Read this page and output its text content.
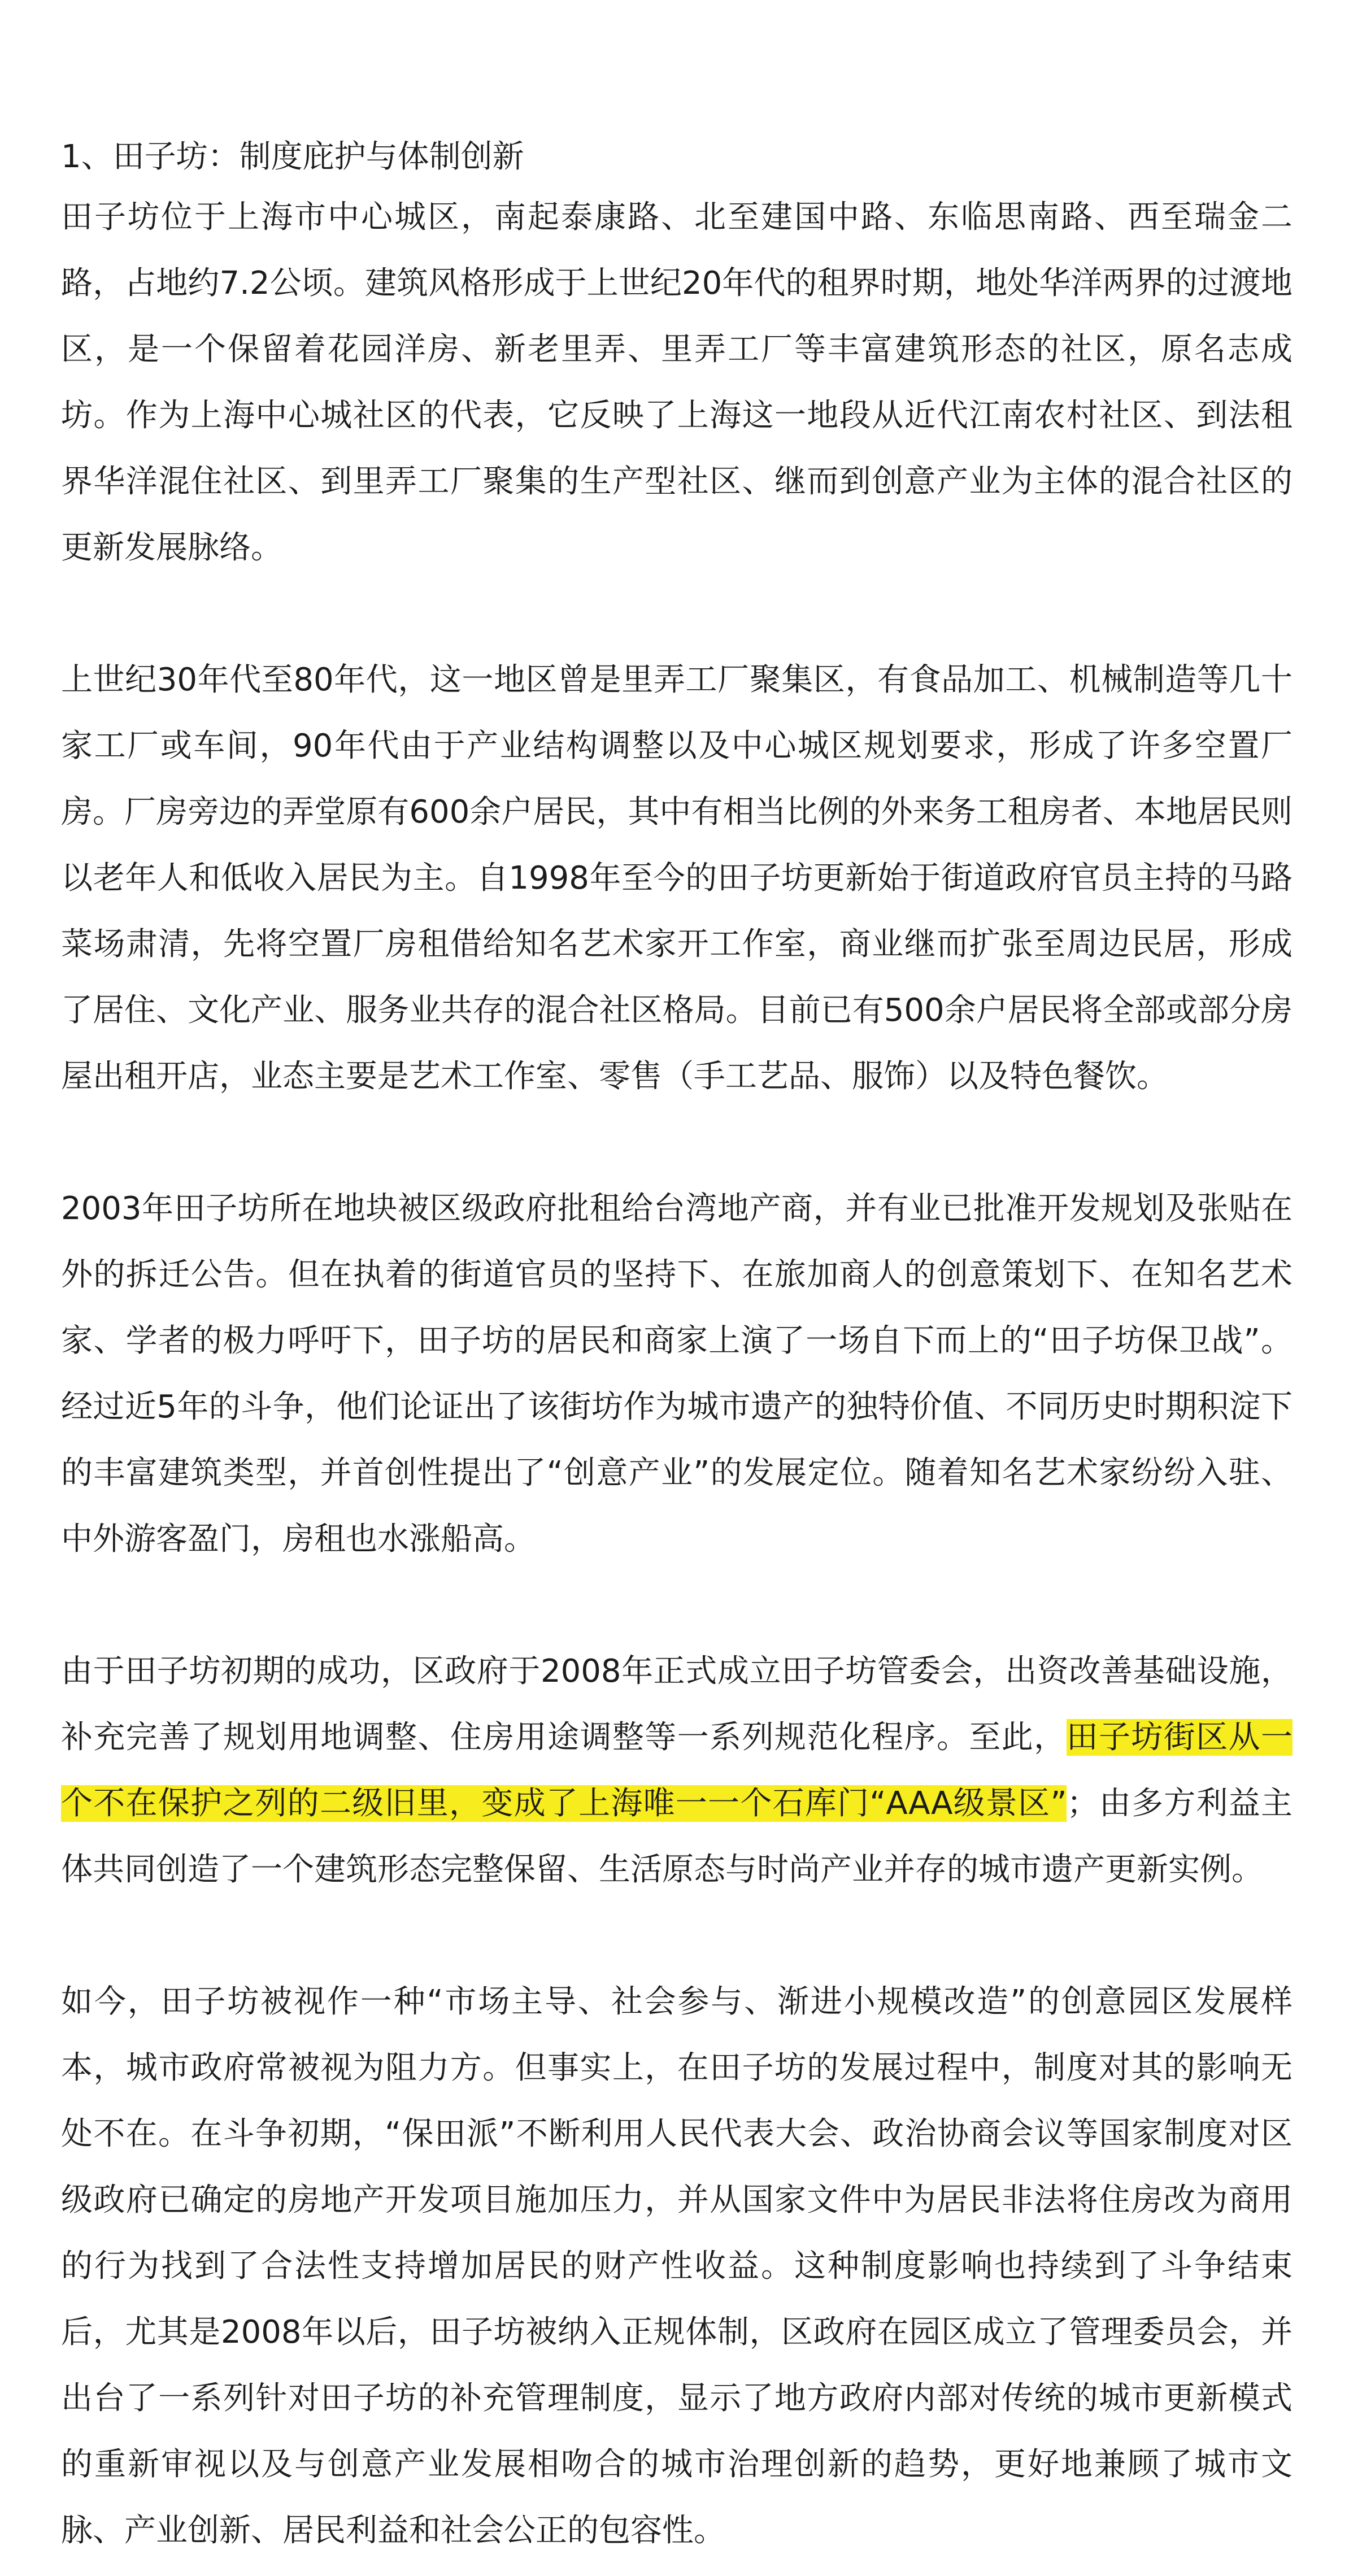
1、田子坊：制度庇护与体制创新

田子坊位于上海市中心城区，南起泰康路、北至建国中路、东临思南路、西至瑞金二路，占地约7.2公顷。建筑风格形成于上世纪20年代的租界时期，地处华洋两界的过渡地区，是一个保留着花园洋房、新老里弄、里弄工厂等丰富建筑形态的社区，原名志成坊。作为上海中心城社区的代表，它反映了上海这一地段从近代江南农村社区、到法租界华洋混住社区、到里弄工厂聚集的生产型社区、继而到创意产业为主体的混合社区的更新发展脉络。

上世纪30年代至80年代，这一地区曾是里弄工厂聚集区，有食品加工、机械制造等几十家工厂或车间，90年代由于产业结构调整以及中心城区规划要求，形成了许多空置厂房。厂房旁边的弄堂原有600余户居民，其中有相当比例的外来务工租房者、本地居民则以老年人和低收入居民为主。自1998年至今的田子坊更新始于街道政府官员主持的马路菜场肃清，先将空置厂房租借给知名艺术家开工作室，商业继而扩张至周边民居，形成了居住、文化产业、服务业共存的混合社区格局。目前已有500余户居民将全部或部分房屋出租开店，业态主要是艺术工作室、零售（手工艺品、服饰）以及特色餐饮。

2003年田子坊所在地块被区级政府批租给台湾地产商，并有业已批准开发规划及张贴在外的拆迁公告。但在执着的街道官员的坚持下、在旅加商人的创意策划下、在知名艺术家、学者的极力呼吁下，田子坊的居民和商家上演了一场自下而上的“田子坊保卫战”。经过近5年的斗争，他们论证出了该街坊作为城市遗产的独特价值、不同历史时期积淀下的丰富建筑类型，并首创性提出了“创意产业”的发展定位。随着知名艺术家纷纷入驻、中外游客盈门，房租也水涨船高。

由于田子坊初期的成功，区政府于2008年正式成立田子坊管委会，出资改善基础设施，补充完善了规划用地调整、住房用途调整等一系列规范化程序。至此，田子坊街区从一个不在保护之列的二级旧里，变成了上海唯一一个石库门“AAA级景区”；由多方利益主体共同创造了一个建筑形态完整保留、生活原态与时尚产业并存的城市遗产更新实例。

如今，田子坊被视作一种“市场主导、社会参与、渐进小规模改造”的创意园区发展样本，城市政府常被视为阻力方。但事实上，在田子坊的发展过程中，制度对其的影响无处不在。在斗争初期，“保田派”不断利用人民代表大会、政治协商会议等国家制度对区级政府已确定的房地产开发项目施加压力，并从国家文件中为居民非法将住房改为商用的行为找到了合法性支持增加居民的财产性收益。这种制度影响也持续到了斗争结束后，尤其是2008年以后，田子坊被纳入正规体制，区政府在园区成立了管理委员会，并出台了一系列针对田子坊的补充管理制度，显示了地方政府内部对传统的城市更新模式的重新审视以及与创意产业发展相吻合的城市治理创新的趋势，更好地兼顾了城市文脉、产业创新、居民利益和社会公正的包容性。
